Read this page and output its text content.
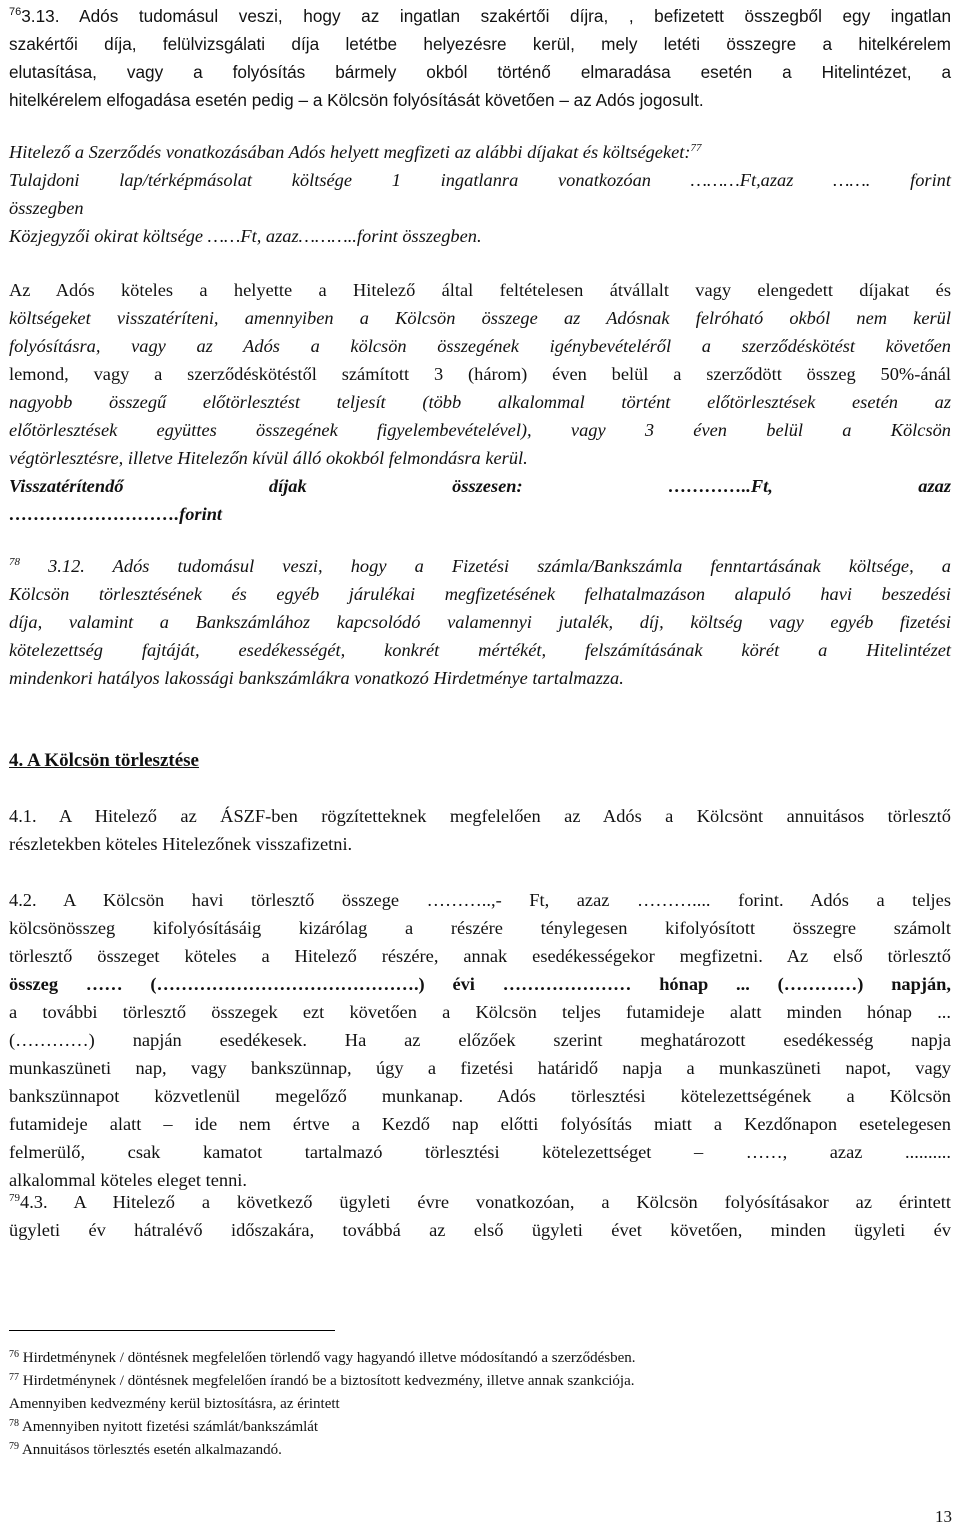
$^{76}$3.13. Adós tudomásul veszi, hogy az ingatlan szakértői díjra, , befizetett összegből egy ingatlan

szakértői díja, felülvizsgálati díja letétbe helyezésre kerül, mely letéti összegre a hitelkérelem

elutasítása, vagy a folyósítás bármely okból történő elmaradása esetén a Hitelintézet, a

hitelkérelem elfogadása esetén pedig – a Kölcsön folyósítását követően – az Adós jogosult.

Hitelező a Szerződés vonatkozásában Adós helyett megfizeti az alábbi díjakat és költségeket:$^{77}$

Tulajdoni lap/térképmásolat költsége 1 ingatlanra vonatkozóan ………Ft,azaz ……. forint

összegben

Közjegyzői okirat költsége ……Ft, azaz………..forint összegben.

Az Adós köteles a helyette a Hitelező által feltételesen átvállalt vagy elengedett díjakat és

költségeket visszatéríteni, amennyiben a Kölcsön összege az Adósnak felróható okból nem kerül

folyósításra, vagy az Adós a kölcsön összegének igénybevételéről a szerződéskötést követően

lemond, vagy a szerződéskötéstől számított 3 (három) éven belül a szerződött összeg 50%-ánál

nagyobb összegű előtörlesztést teljesít (több alkalommal történt előtörlesztések esetén az

előtörlesztések együttes összegének figyelembevételével), vagy 3 éven belül a Kölcsön

végtörlesztésre, illetve Hitelezőn kívül álló okokból felmondásra kerül.

Visszatérítendő díjak összesen:	…………..Ft, azaz

……………………….forint

$^{78}$ 3.12. Adós tudomásul veszi, hogy a Fizetési számla/Bankszámla fenntartásának költsége, a

Kölcsön törlesztésének és egyéb járulékai megfizetésének felhatalmazáson alapuló havi beszedési

díja, valamint a Bankszámlához kapcsolódó valamennyi jutalék, díj, költség vagy egyéb fizetési

kötelezettség fajtáját, esedékességét, konkrét mértékét, felszámításának körét a Hitelintézet

mindenkori hatályos lakossági bankszámlákra vonatkozó Hirdetménye tartalmazza.

4. A Kölcsön törlesztése

4.1. A Hitelező az ÁSZF-ben rögzítetteknek megfelelően az Adós a Kölcsönt annuitásos törlesztő

részletekben köteles Hitelezőnek visszafizetni.

4.2. A Kölcsön havi törlesztő összege ………..,- Ft, azaz ……….... forint. Adós a teljes

kölcsönösszeg kifolyósításáig kizárólag a részére ténylegesen kifolyósított összegre számolt

törlesztő összeget köteles a Hitelező részére, annak esedékességekor megfizetni. Az első törlesztő

összeg …… (…………………………………….) évi ………………… hónap ... (…………) napján,

a további törlesztő összegek ezt követően a Kölcsön teljes futamideje alatt minden hónap ...

(…………) napján esedékesek. Ha az előzőek szerint meghatározott esedékesség napja

munkaszüneti nap, vagy bankszünnap, úgy a fizetési határidő napja a munkaszüneti napot, vagy

bankszünnapot közvetlenül megelőző munkanap. Adós törlesztési kötelezettségének a Kölcsön

futamideje alatt – ide nem értve a Kezdő nap előtti folyósítás miatt a Kezdőnapon esetelegesen

felmerülő, csak kamatot tartalmazó törlesztési kötelezettséget – ……, azaz ..........

alkalommal köteles eleget tenni.

$^{79}$4.3. A Hitelező a következő ügyleti évre vonatkozóan, a Kölcsön folyósításakor az érintett

ügyleti év hátralévő időszakára, továbbá az első ügyleti évet követően, minden ügyleti év

$^{76}$ Hirdetménynek / döntésnek megfelelően törlendő vagy hagyandó illetve módosítandó a szerződésben.
$^{77}$ Hirdetménynek / döntésnek megfelelően írandó be a biztosított kedvezmény, illetve annak szankciója.
Amennyiben kedvezmény kerül biztosításra, az érintett
$^{78}$ Amennyiben nyitott fizetési számlát/bankszámlát
$^{79}$ Annuitásos törlesztés esetén alkalmazandó.
13
